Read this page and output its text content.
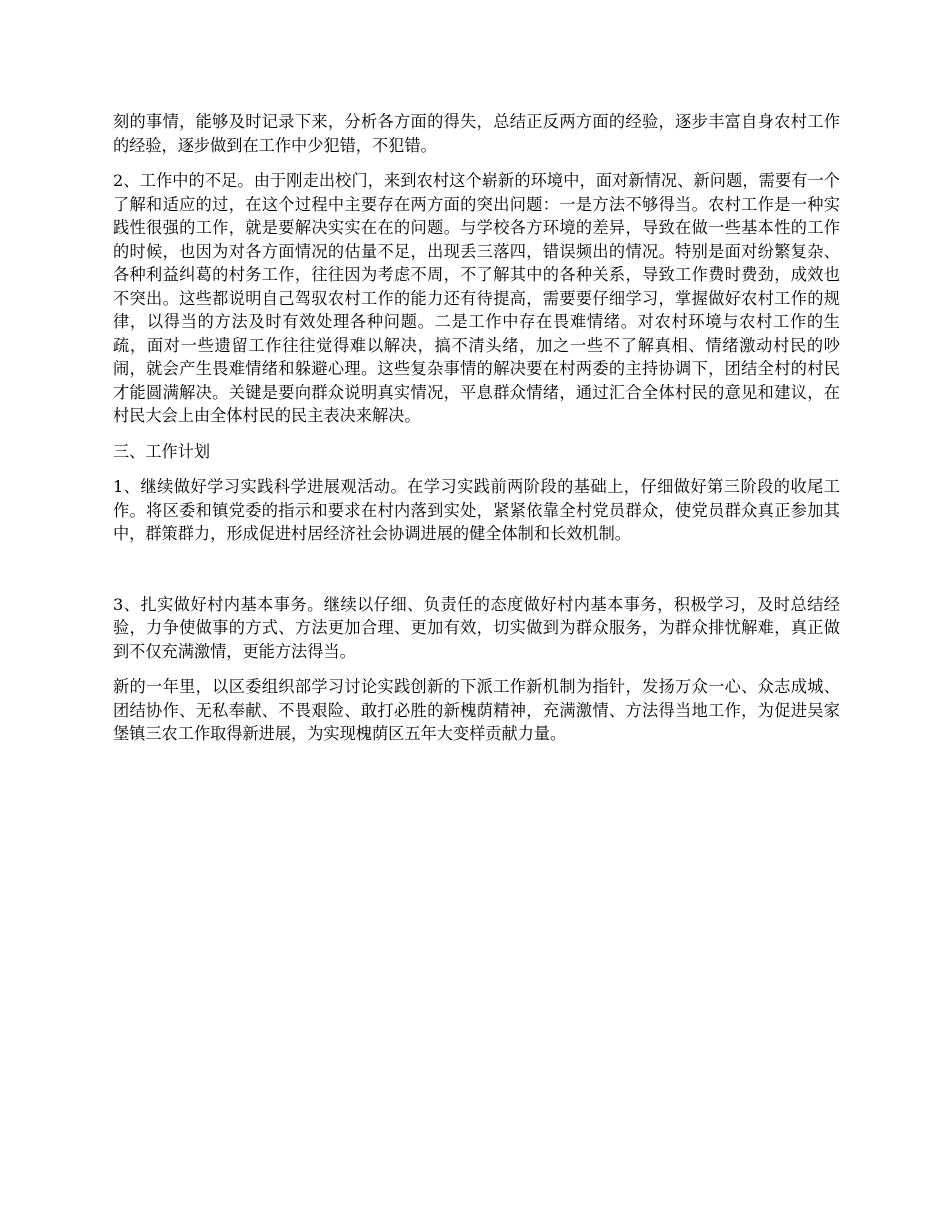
刻的事情，能够及时记录下来，分析各方面的得失，总结正反两方面的经验，逐步丰富自身农村工作的经验，逐步做到在工作中少犯错，不犯错。

2、工作中的不足。由于刚走出校门，来到农村这个崭新的环境中，面对新情况、新问题，需要有一个了解和适应的过，在这个过程中主要存在两方面的突出问题：一是方法不够得当。农村工作是一种实践性很强的工作，就是要解决实实在在的问题。与学校各方环境的差异，导致在做一些基本性的工作的时候，也因为对各方面情况的估量不足，出现丢三落四，错误频出的情况。特别是面对纷繁复杂、各种利益纠葛的村务工作，往往因为考虑不周，不了解其中的各种关系，导致工作费时费劲，成效也不突出。这些都说明自己驾驭农村工作的能力还有待提高，需要要仔细学习，掌握做好农村工作的规律，以得当的方法及时有效处理各种问题。二是工作中存在畏难情绪。对农村环境与农村工作的生疏，面对一些遗留工作往往觉得难以解决，搞不清头绪，加之一些不了解真相、情绪激动村民的吵闹，就会产生畏难情绪和躲避心理。这些复杂事情的解决要在村两委的主持协调下，团结全村的村民才能圆满解决。关键是要向群众说明真实情况，平息群众情绪，通过汇合全体村民的意见和建议，在村民大会上由全体村民的民主表决来解决。

三、工作计划

1、继续做好学习实践科学进展观活动。在学习实践前两阶段的基础上，仔细做好第三阶段的收尾工作。将区委和镇党委的指示和要求在村内落到实处，紧紧依靠全村党员群众，使党员群众真正参加其中，群策群力，形成促进村居经济社会协调进展的健全体制和长效机制。

3、扎实做好村内基本事务。继续以仔细、负责任的态度做好村内基本事务，积极学习，及时总结经验，力争使做事的方式、方法更加合理、更加有效，切实做到为群众服务，为群众排忧解难，真正做到不仅充满激情，更能方法得当。

新的一年里，以区委组织部学习讨论实践创新的下派工作新机制为指针，发扬万众一心、众志成城、团结协作、无私奉献、不畏艰险、敢打必胜的新槐荫精神，充满激情、方法得当地工作，为促进吴家堡镇三农工作取得新进展，为实现槐荫区五年大变样贡献力量。
